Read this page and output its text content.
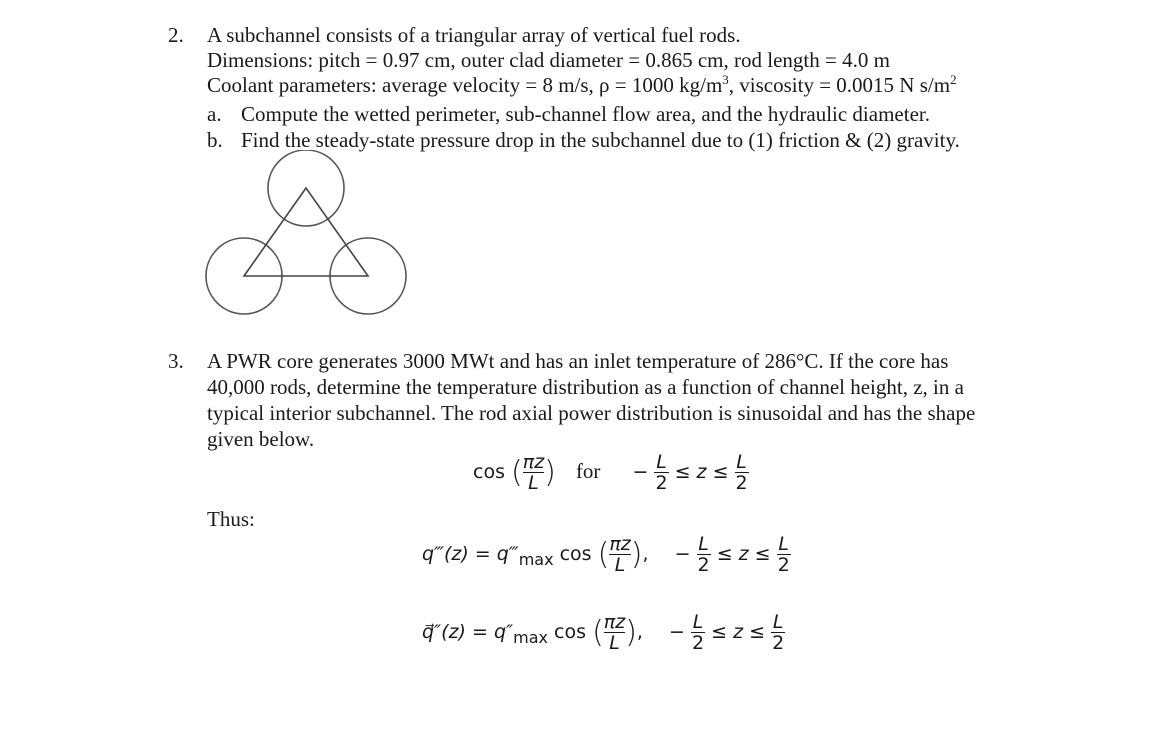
2. A subchannel consists of a triangular array of vertical fuel rods.
Dimensions: pitch = 0.97 cm, outer clad diameter = 0.865 cm, rod length = 4.0 m
Coolant parameters: average velocity = 8 m/s, ρ = 1000 $kg/m^3$, viscosity = 0.0015 N $s/m^2$
a. Compute the wetted perimeter, sub-channel flow area, and the hydraulic diameter.
b. Find the steady-state pressure drop in the subchannel due to (1) friction & (2) gravity.
3. A PWR core generates 3000 MWt and has an inlet temperature of 286°C. If the core has
40,000 rods, determine the temperature distribution as a function of channel height, z, in a
typical interior subchannel. The rod axial power distribution is sinusoidal and has the shape
given below.
cos ( $\frac{\pi z}{L}$ ) for − $\frac{L}{2} \le z \le \frac{L}{2}$
Thus:
q‴(z) = $q‴_{max}$ cos ( $\frac{\pi z}{L}$ ), − $\frac{L}{2} \le z \le \frac{L}{2}$
q⃗″(z) = $q''_{max}$ cos ( $\frac{\pi z}{L}$ ), − $\frac{L}{2} \le z \le \frac{L}{2}$
